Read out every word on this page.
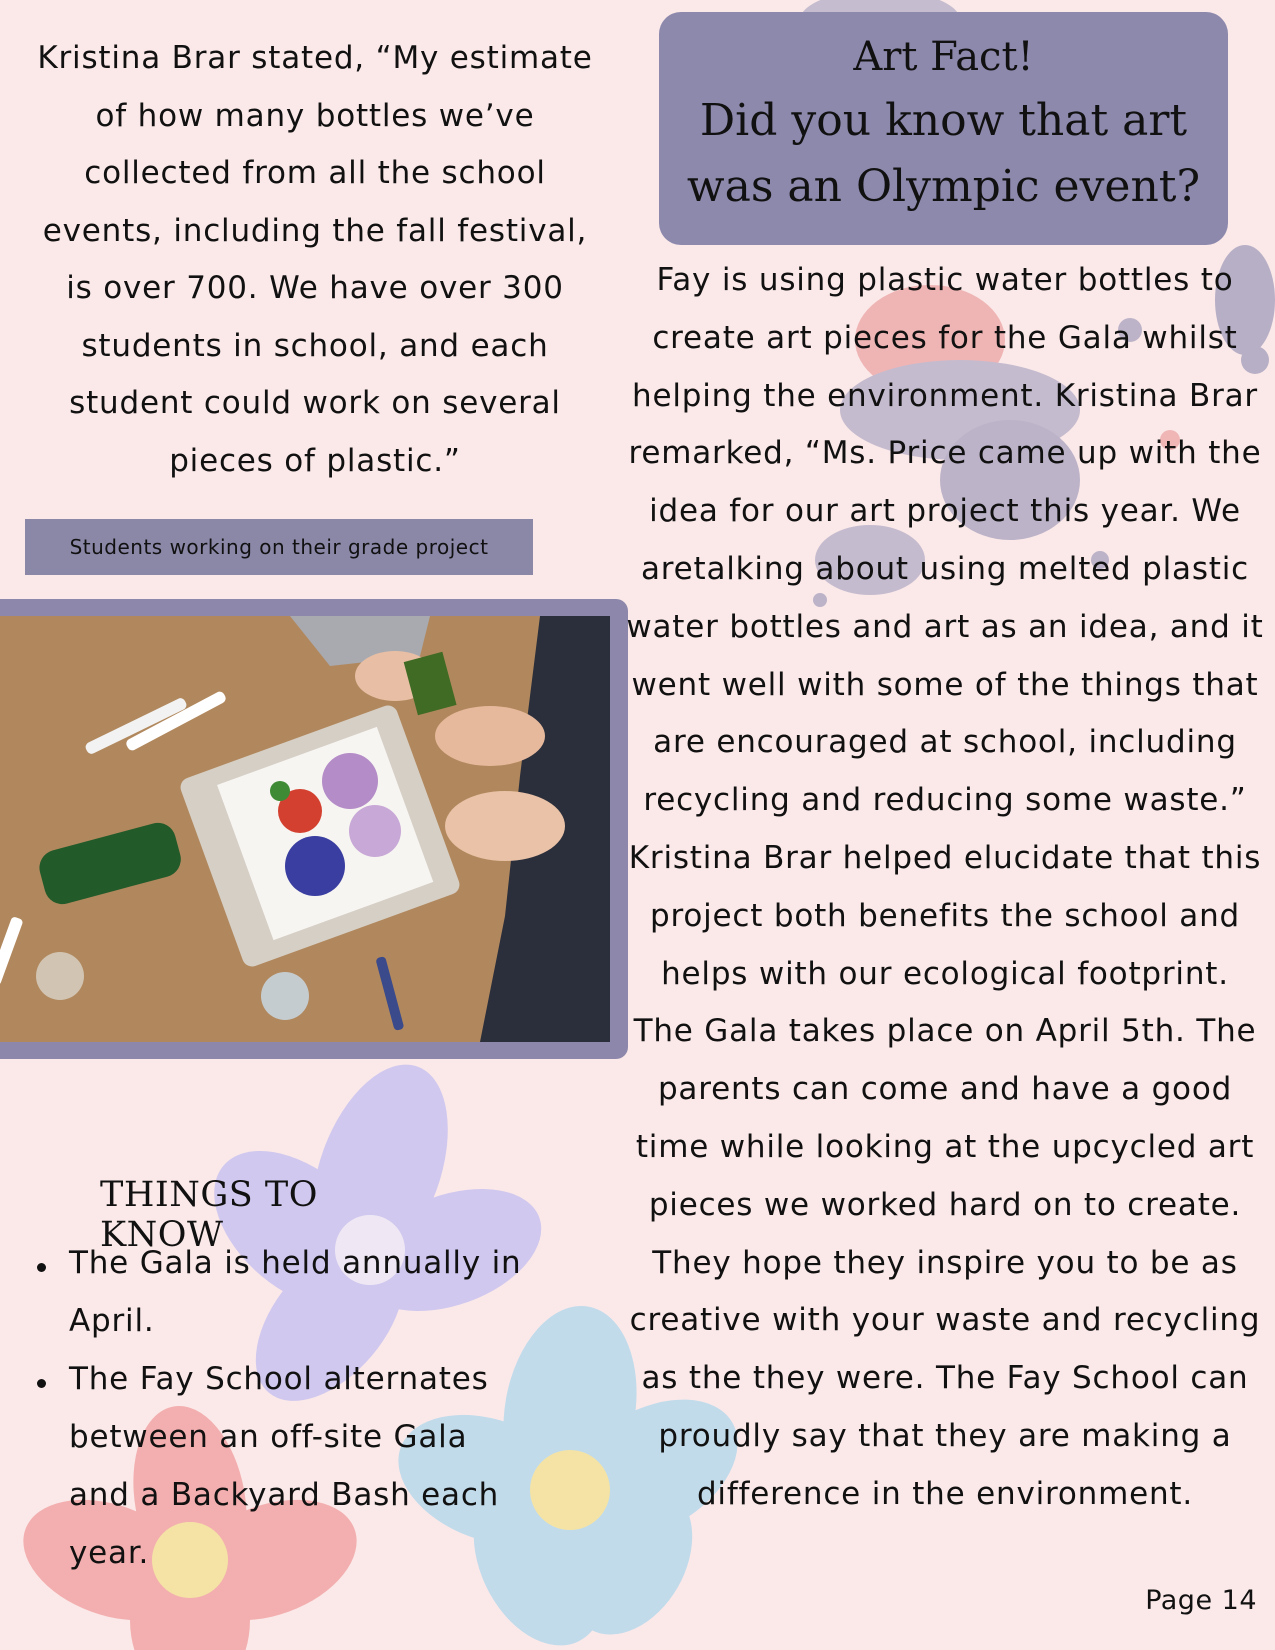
Kristina Brar stated, “My estimate of how many bottles we’ve collected from all the school events, including the fall festival, is over 700. We have over 300 students in school, and each student could work on several pieces of plastic.”

Students working on their grade project
Art Fact!
Did you know that art was an Olympic event?

Fay is using plastic water bottles to create art pieces for the Gala whilst helping the environment. Kristina Brar remarked, “Ms. Price came up with the idea for our art project this year. We aretalking about using melted plastic water bottles and art as an idea, and it went well with some of the things that are encouraged at school, including recycling and reducing some waste.” Kristina Brar helped elucidate that this project both benefits the school and helps with our ecological footprint.

The Gala takes place on April 5th. The parents can come and have a good time while looking at the upcycled art pieces we worked hard on to create. They hope they inspire you to be as creative with your waste and recycling as the they were. The Fay School can proudly say that they are making a difference in the environment.

THINGS TO KNOW
The Gala is held annually in April.
The Fay School alternates between an off-site Gala and a Backyard Bash each year.
Page 14
